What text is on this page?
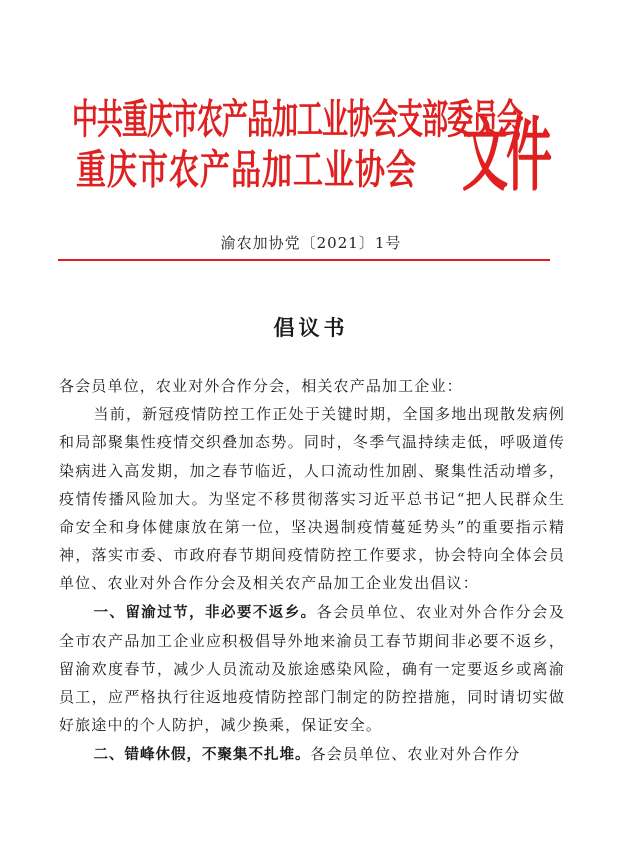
中共重庆市农产品加工业协会支部委员会
重庆市农产品加工业协会 文件
渝农加协党〔2021〕1号
倡议书

各会员单位，农业对外合作分会，相关农产品加工企业：

当前，新冠疫情防控工作正处于关键时期，全国多地出现散发病例和局部聚集性疫情交织叠加态势。同时，冬季气温持续走低，呼吸道传染病进入高发期，加之春节临近，人口流动性加剧、聚集性活动增多，疫情传播风险加大。为坚定不移贯彻落实习近平总书记“把人民群众生命安全和身体健康放在第一位，坚决遏制疫情蔓延势头”的重要指示精神，落实市委、市政府春节期间疫情防控工作要求，协会特向全体会员单位、农业对外合作分会及相关农产品加工企业发出倡议：

一、留渝过节，非必要不返乡。各会员单位、农业对外合作分会及全市农产品加工企业应积极倡导外地来渝员工春节期间非必要不返乡，留渝欢度春节，减少人员流动及旅途感染风险，确有一定要返乡或离渝员工，应严格执行往返地疫情防控部门制定的防控措施，同时请切实做好旅途中的个人防护，减少换乘，保证安全。

二、错峰休假，不聚集不扎堆。各会员单位、农业对外合作分
